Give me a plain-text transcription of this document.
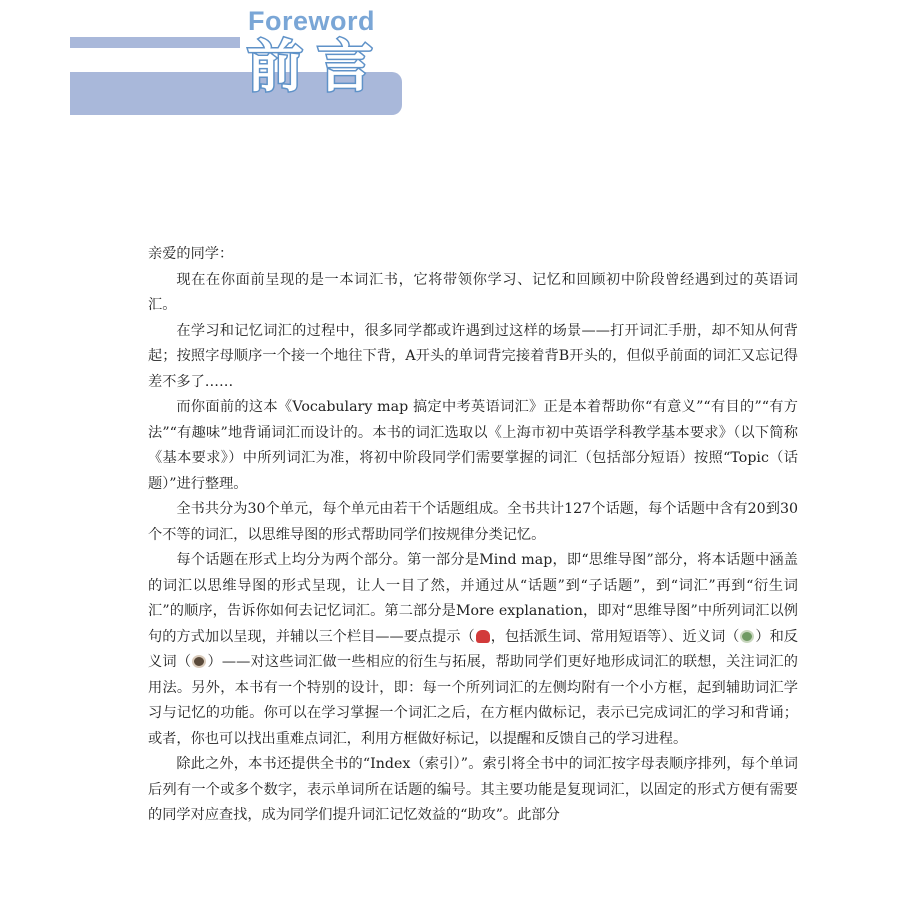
Foreword
前言

亲爱的同学：

现在在你面前呈现的是一本词汇书，它将带领你学习、记忆和回顾初中阶段曾经遇到过的英语词汇。

在学习和记忆词汇的过程中，很多同学都或许遇到过这样的场景——打开词汇手册，却不知从何背起；按照字母顺序一个接一个地往下背，A开头的单词背完接着背B开头的，但似乎前面的词汇又忘记得差不多了……

而你面前的这本《Vocabulary map 搞定中考英语词汇》正是本着帮助你“有意义”“有目的”“有方法”“有趣味”地背诵词汇而设计的。本书的词汇选取以《上海市初中英语学科教学基本要求》（以下简称《基本要求》）中所列词汇为准，将初中阶段同学们需要掌握的词汇（包括部分短语）按照“Topic（话题）”进行整理。

全书共分为30个单元，每个单元由若干个话题组成。全书共计127个话题，每个话题中含有20到30个不等的词汇，以思维导图的形式帮助同学们按规律分类记忆。

每个话题在形式上均分为两个部分。第一部分是Mind map，即“思维导图”部分，将本话题中涵盖的词汇以思维导图的形式呈现，让人一目了然，并通过从“话题”到“子话题”，到“词汇”再到“衍生词汇”的顺序，告诉你如何去记忆词汇。第二部分是More explanation，即对“思维导图”中所列词汇以例句的方式加以呈现，并辅以三个栏目——要点提示（ ，包括派生词、常用短语等）、近义词（ ）和反义词（ ）——对这些词汇做一些相应的衍生与拓展，帮助同学们更好地形成词汇的联想，关注词汇的用法。另外，本书有一个特别的设计，即：每一个所列词汇的左侧均附有一个小方框，起到辅助词汇学习与记忆的功能。你可以在学习掌握一个词汇之后，在方框内做标记，表示已完成词汇的学习和背诵；或者，你也可以找出重难点词汇，利用方框做好标记，以提醒和反馈自己的学习进程。

除此之外，本书还提供全书的“Index（索引）”。索引将全书中的词汇按字母表顺序排列，每个单词后列有一个或多个数字，表示单词所在话题的编号。其主要功能是复现词汇，以固定的形式方便有需要的同学对应查找，成为同学们提升词汇记忆效益的“助攻”。此部分
